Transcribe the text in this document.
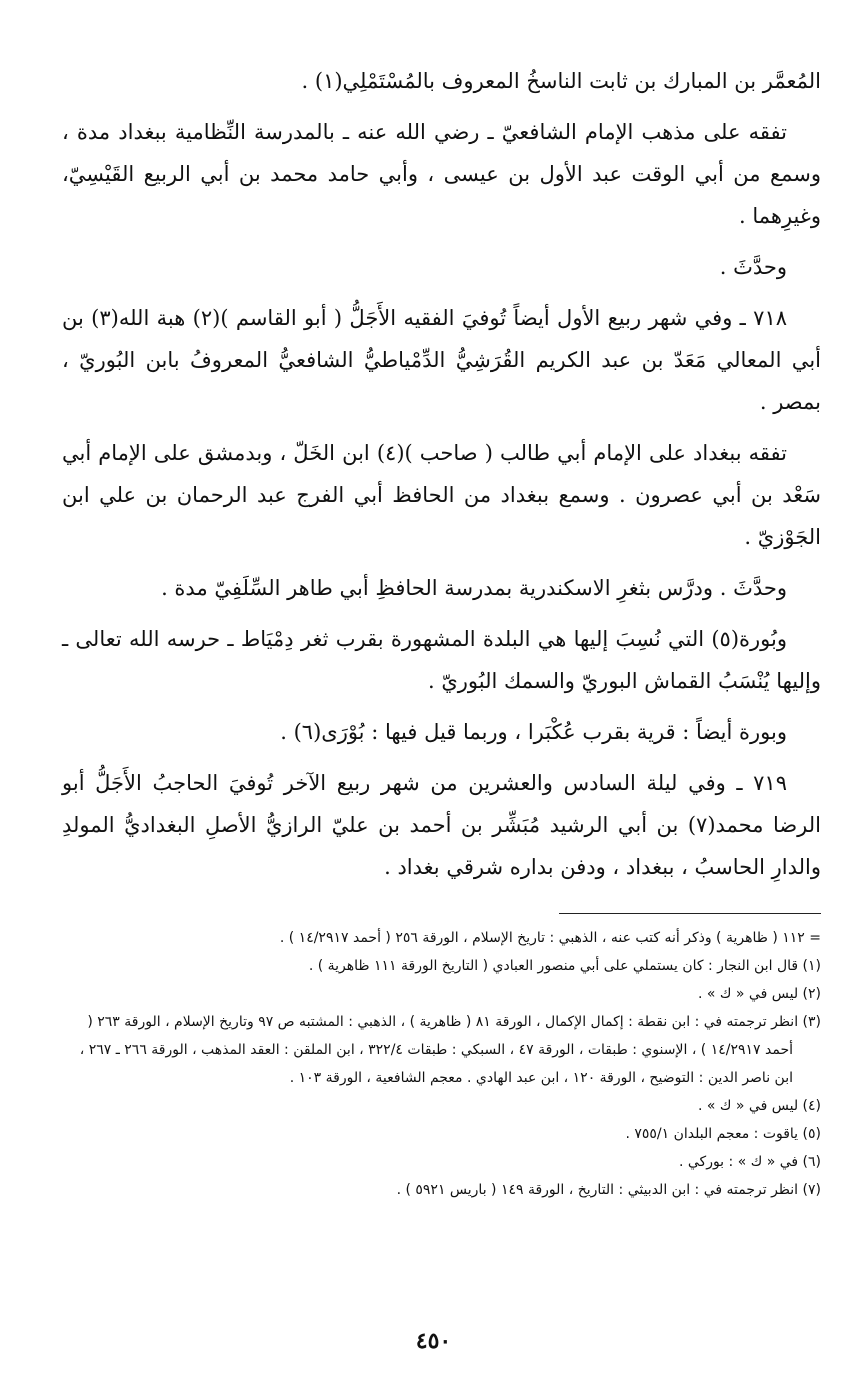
المُعمَّر بن المبارك بن ثابت الناسخُ المعروف بالمُسْتَمْلِي(١) .

تفقه على مذهب الإمام الشافعيّ ـ رضي الله عنه ـ بالمدرسة النِّظامية ببغداد مدة ، وسمع من أبي الوقت عبد الأول بن عيسى ، وأبي حامد محمد بن أبي الربيع القَيْسِيّ، وغيرِهما .

وحدَّثَ .

٧١٨ ـ وفي شهر ربيع الأول أيضاً تُوفيَ الفقيه الأَجَلُّ ( أبو القاسم )(٢) هبة الله(٣) بن أبي المعالي مَعَدّ بن عبد الكريم القُرَشِيُّ الدِّمْياطيُّ الشافعيُّ المعروفُ بابن البُوريّ ، بمصر .

تفقه ببغداد على الإمام أبي طالب ( صاحب )(٤) ابن الخَلّ ، وبدمشق على الإمام أبي سَعْد بن أبي عصرون . وسمع ببغداد من الحافظ أبي الفرج عبد الرحمان بن علي ابن الجَوْزيّ .

وحدَّثَ . ودرَّس بثغرِ الاسكندرية بمدرسة الحافظِ أبي طاهر السِّلَفِيّ مدة .

وبُورة(٥) التي نُسِبَ إليها هي البلدة المشهورة بقرب ثغر دِمْيَاط ـ حرسه الله تعالى ـ وإليها يُنْسَبُ القماش البوريّ والسمك البُوريّ .

وبورة أيضاً : قرية بقرب عُكْبَرا ، وربما قيل فيها : بُوْرَى(٦) .

٧١٩ ـ وفي ليلة السادس والعشرين من شهر ربيع الآخر تُوفيَ الحاجبُ الأَجَلُّ أبو الرضا محمد(٧) بن أبي الرشيد مُبَشِّر بن أحمد بن عليّ الرازيُّ الأصلِ البغداديُّ المولدِ والدارِ الحاسبُ ، ببغداد ، ودفن بداره شرقي بغداد .

= ١١٢ ( ظاهرية ) وذكر أنه كتب عنه ، الذهبي : تاريخ الإسلام ، الورقة ٢٥٦ ( أحمد ١٤/٢٩١٧ ) .

(١) قال ابن النجار : كان يستملي على أبي منصور العبادي ( التاريخ الورقة ١١١ ظاهرية ) .

(٢) ليس في « ك » .

(٣) انظر ترجمته في : ابن نقطة : إكمال الإكمال ، الورقة ٨١ ( ظاهرية ) ، الذهبي : المشتبه ص ٩٧ وتاريخ الإسلام ، الورقة ٢٦٣ ( أحمد ١٤/٢٩١٧ ) ، الإسنوي : طبقات ، الورقة ٤٧ ، السبكي : طبقات ٣٢٢/٤ ، ابن الملقن : العقد المذهب ، الورقة ٢٦٦ ـ ٢٦٧ ، ابن ناصر الدين : التوضيح ، الورقة ١٢٠ ، ابن عبد الهادي . معجم الشافعية ، الورقة ١٠٣ .

(٤) ليس في « ك » .

(٥) ياقوت : معجم البلدان ٧٥٥/١ .

(٦) في « ك » : بوركي .

(٧) انظر ترجمته في : ابن الدبيثي : التاريخ ، الورقة ١٤٩ ( باريس ٥٩٢١ ) .

٤٥٠
